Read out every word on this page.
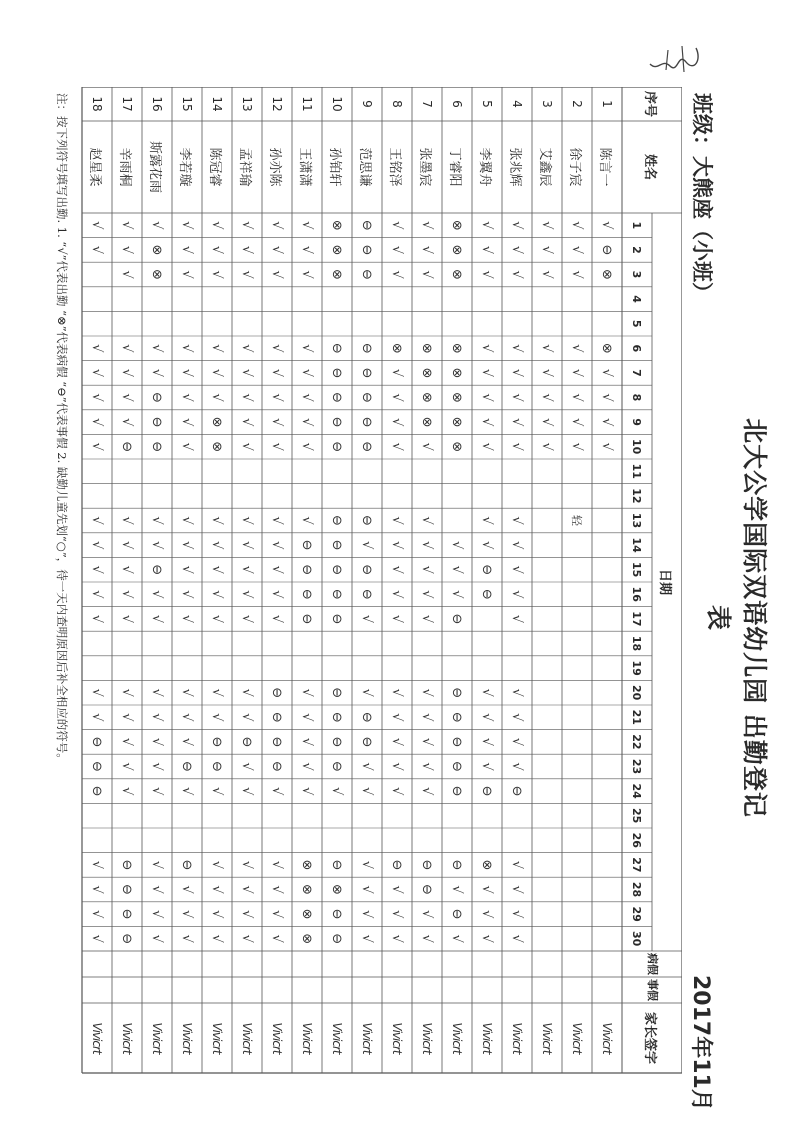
北大公学国际双语幼儿园 出勤登记表
班级：大熊座（小班）
2017年11月
序号
姓名
日期
病假
事假
家长签字
1
2
3
4
5
6
7
8
9
10
11
12
13
14
15
16
17
18
19
20
21
22
23
24
25
26
27
28
29
30
1
陈言一
√
⊖
⊗
⊗
√
√
√
√
Vivicrt
2
徐子宸
√
√
√
√
√
√
√
√
轻
Vivicrt
3
艾鑫辰
√
√
√
√
√
√
√
√
Vivicrt
4
张兆辉
√
√
√
√
√
√
√
√
√
√
√
√
√
√
√
√
√
⊖
√
√
√
√
Vivicrt
5
李翼舟
√
√
√
√
√
√
√
√
√
√
⊖
⊖
√
√
√
√
⊖
⊗
√
√
√
Vivicrt
6
丁睿阳
⊗
⊗
⊗
⊗
⊗
⊗
⊗
⊗
√
√
√
⊖
⊖
⊖
⊖
⊖
⊖
⊖
√
⊖
√
Vivicrt
7
张墨宸
√
√
√
⊗
⊗
⊗
⊗
√
√
√
√
√
√
√
√
√
√
√
⊖
⊖
√
√
Vivicrt
8
王铭泽
√
√
√
⊗
√
√
√
√
√
√
√
√
√
√
√
√
√
√
⊖
√
√
√
Vivicrt
9
范思谦
⊖
⊖
⊖
⊖
⊖
⊖
⊖
⊖
⊖
√
⊖
⊖
√
√
⊖
⊖
√
√
√
√
√
√
Vivicrt
10
孙铂轩
⊗
⊗
⊗
⊖
⊖
⊖
⊖
⊖
⊖
⊖
⊖
⊖
⊖
⊖
⊖
⊖
⊖
√
⊖
⊗
⊖
⊖
Vivicrt
11
王潇潇
√
√
√
√
√
√
√
√
√
⊖
⊖
⊖
⊖
√
√
√
√
√
⊗
⊗
⊗
⊗
Vivicrt
12
孙亦陈
√
√
√
√
√
√
√
√
√
√
√
√
√
⊖
⊖
⊖
⊖
√
√
√
√
√
Vivicrt
13
孟祥瑜
√
√
√
√
√
√
√
√
√
√
√
√
√
√
√
⊖
√
√
√
√
√
√
Vivicrt
14
陈冠睿
√
√
√
√
√
√
⊗
⊗
√
√
√
√
√
√
√
⊖
⊖
√
√
√
√
√
Vivicrt
15
李若璇
√
√
√
√
√
√
√
√
√
√
√
√
√
√
√
√
⊖
√
⊖
√
√
√
Vivicrt
16
斯露花雨
√
⊗
⊗
√
√
⊖
⊖
⊖
√
√
⊖
√
√
√
√
√
√
√
√
√
√
√
Vivicrt
17
辛雨桐
√
√
√
√
√
√
√
⊖
√
√
√
√
√
√
√
√
√
√
⊖
⊖
⊖
⊖
Vivicrt
18
赵星柔
√
√
√
√
√
√
√
√
√
√
√
√
√
√
⊖
⊖
⊖
√
√
√
√
Vivicrt
注：按下列符号填写出勤. 1. “√”代表出勤 “⊗”代表病假 “⊖”代表事假 2. 缺勤儿童先划“○”，待一天内查明原因后补全相应的符号。
